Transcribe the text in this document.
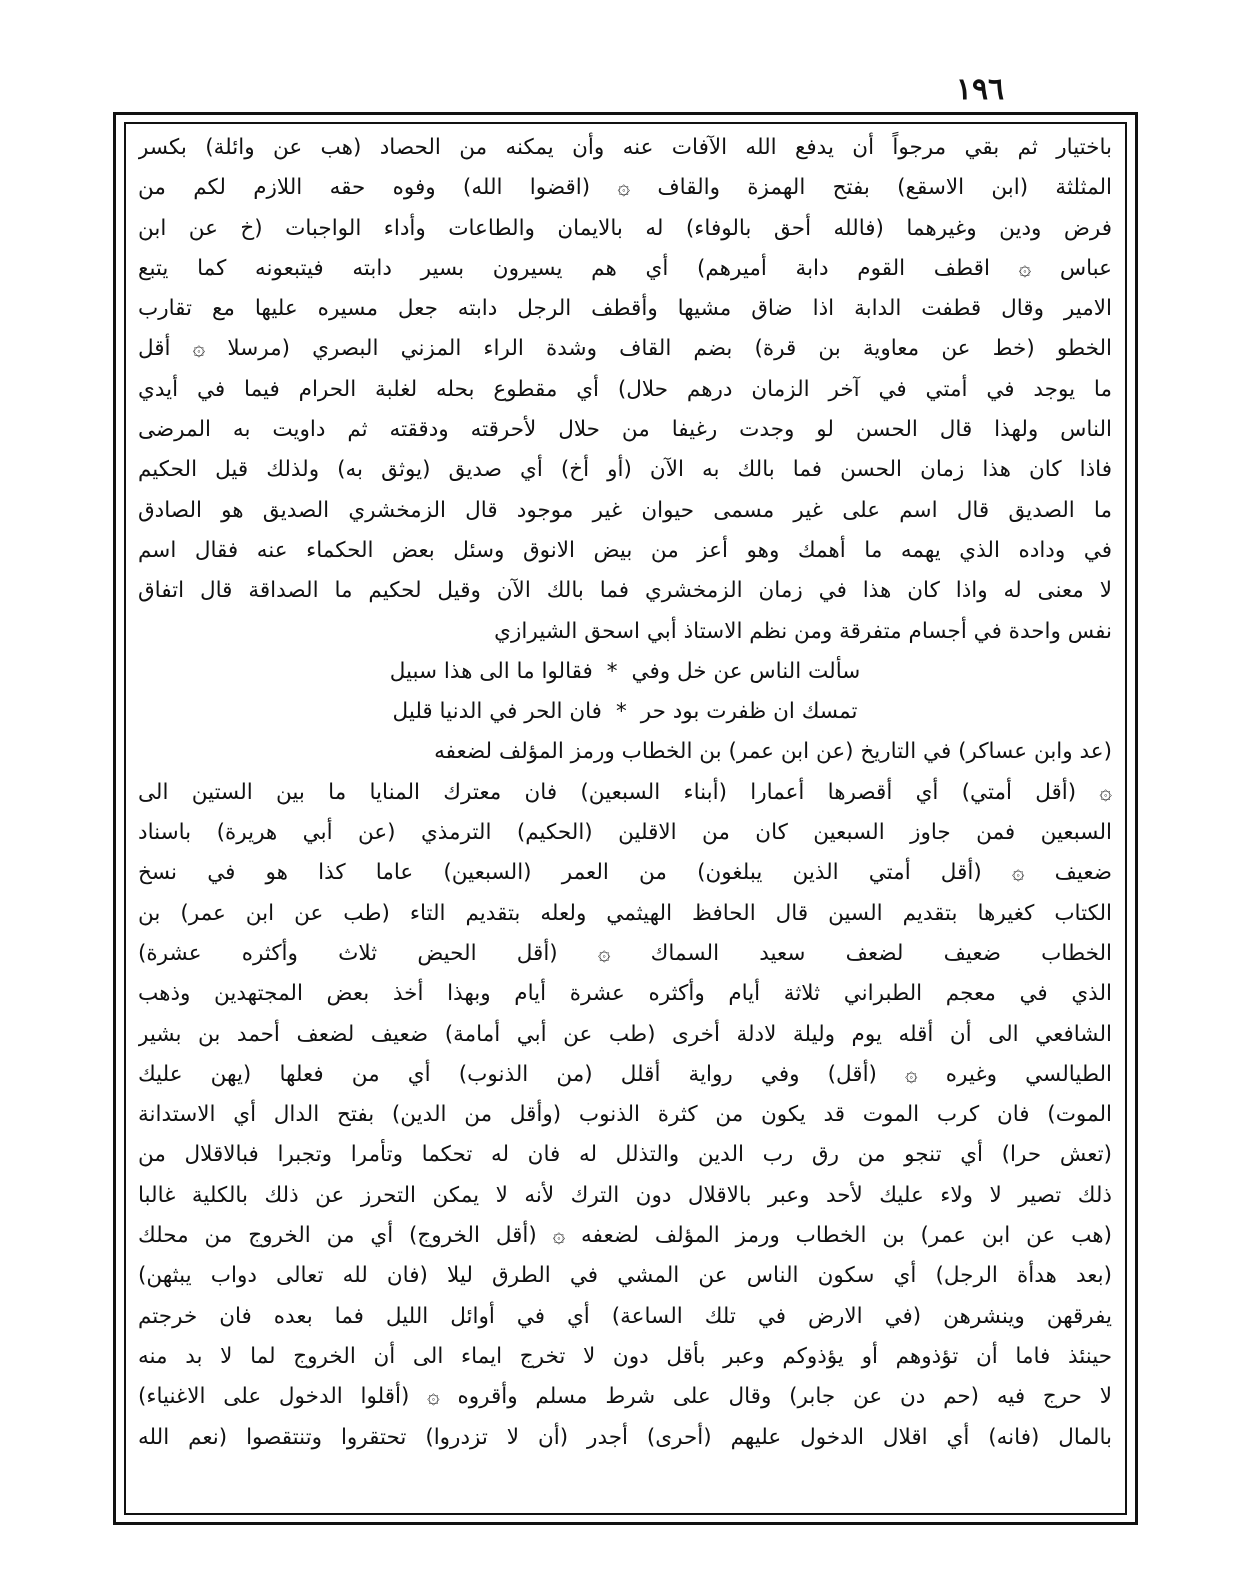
١٩٦
باختيار ثم بقي مرجواً أن يدفع الله الآفات عنه وأن يمكنه من الحصاد (هب عن وائلة) بكسر
المثلثة (ابن الاسقع) بفتح الهمزة والقاف ۞ (اقضوا الله) وفوه حقه اللازم لكم من
فرض ودين وغيرهما (فالله أحق بالوفاء) له بالايمان والطاعات وأداء الواجبات (خ عن ابن
عباس ۞ اقطف القوم دابة أميرهم) أي هم يسيرون بسير دابته فيتبعونه كما يتبع
الامير وقال قطفت الدابة اذا ضاق مشيها وأقطف الرجل دابته جعل مسيره عليها مع تقارب
الخطو (خط عن معاوية بن قرة) بضم القاف وشدة الراء المزني البصري (مرسلا ۞ أقل
ما يوجد في أمتي في آخر الزمان درهم حلال) أي مقطوع بحله لغلبة الحرام فيما في أيدي
الناس ولهذا قال الحسن لو وجدت رغيفا من حلال لأحرقته ودققته ثم داويت به المرضى
فاذا كان هذا زمان الحسن فما بالك به الآن (أو أخ) أي صديق (يوثق به) ولذلك قيل الحكيم
ما الصديق قال اسم على غير مسمى حيوان غير موجود قال الزمخشري الصديق هو الصادق
في وداده الذي يهمه ما أهمك وهو أعز من بيض الانوق وسئل بعض الحكماء عنه فقال اسم
لا معنى له واذا كان هذا في زمان الزمخشري فما بالك الآن وقيل لحكيم ما الصداقة قال اتفاق
نفس واحدة في أجسام متفرقة ومن نظم الاستاذ أبي اسحق الشيرازي
سألت الناس عن خل وفي
*
فقالوا ما الى هذا سبيل
تمسك ان ظفرت بود حر
*
فان الحر في الدنيا قليل
(عد وابن عساكر) في التاريخ (عن ابن عمر) بن الخطاب ورمز المؤلف لضعفه
۞ (أقل أمتي) أي أقصرها أعمارا (أبناء السبعين) فان معترك المنايا ما بين الستين الى
السبعين فمن جاوز السبعين كان من الاقلين (الحكيم) الترمذي (عن أبي هريرة) باسناد
ضعيف ۞ (أقل أمتي الذين يبلغون) من العمر (السبعين) عاما كذا هو في نسخ
الكتاب كغيرها بتقديم السين قال الحافظ الهيثمي ولعله بتقديم التاء (طب عن ابن عمر) بن
الخطاب ضعيف لضعف سعيد السماك ۞ (أقل الحيض ثلاث وأكثره عشرة)
الذي في معجم الطبراني ثلاثة أيام وأكثره عشرة أيام وبهذا أخذ بعض المجتهدين وذهب
الشافعي الى أن أقله يوم وليلة لادلة أخرى (طب عن أبي أمامة) ضعيف لضعف أحمد بن بشير
الطيالسي وغيره ۞ (أقل) وفي رواية أقلل (من الذنوب) أي من فعلها (يهن عليك
الموت) فان كرب الموت قد يكون من كثرة الذنوب (وأقل من الدين) بفتح الدال أي الاستدانة
(تعش حرا) أي تنجو من رق رب الدين والتذلل له فان له تحكما وتأمرا وتجبرا فبالاقلال من
ذلك تصير لا ولاء عليك لأحد وعبر بالاقلال دون الترك لأنه لا يمكن التحرز عن ذلك بالكلية غالبا
(هب عن ابن عمر) بن الخطاب ورمز المؤلف لضعفه ۞ (أقل الخروج) أي من الخروج من محلك
(بعد هدأة الرجل) أي سكون الناس عن المشي في الطرق ليلا (فان لله تعالى دواب يبثهن)
يفرقهن وينشرهن (في الارض في تلك الساعة) أي في أوائل الليل فما بعده فان خرجتم
حينئذ فاما أن تؤذوهم أو يؤذوكم وعبر بأقل دون لا تخرج ايماء الى أن الخروج لما لا بد منه
لا حرج فيه (حم دن عن جابر) وقال على شرط مسلم وأقروه ۞ (أقلوا الدخول على الاغنياء)
بالمال (فانه) أي اقلال الدخول عليهم (أحرى) أجدر (أن لا تزدروا) تحتقروا وتنتقصوا (نعم الله
